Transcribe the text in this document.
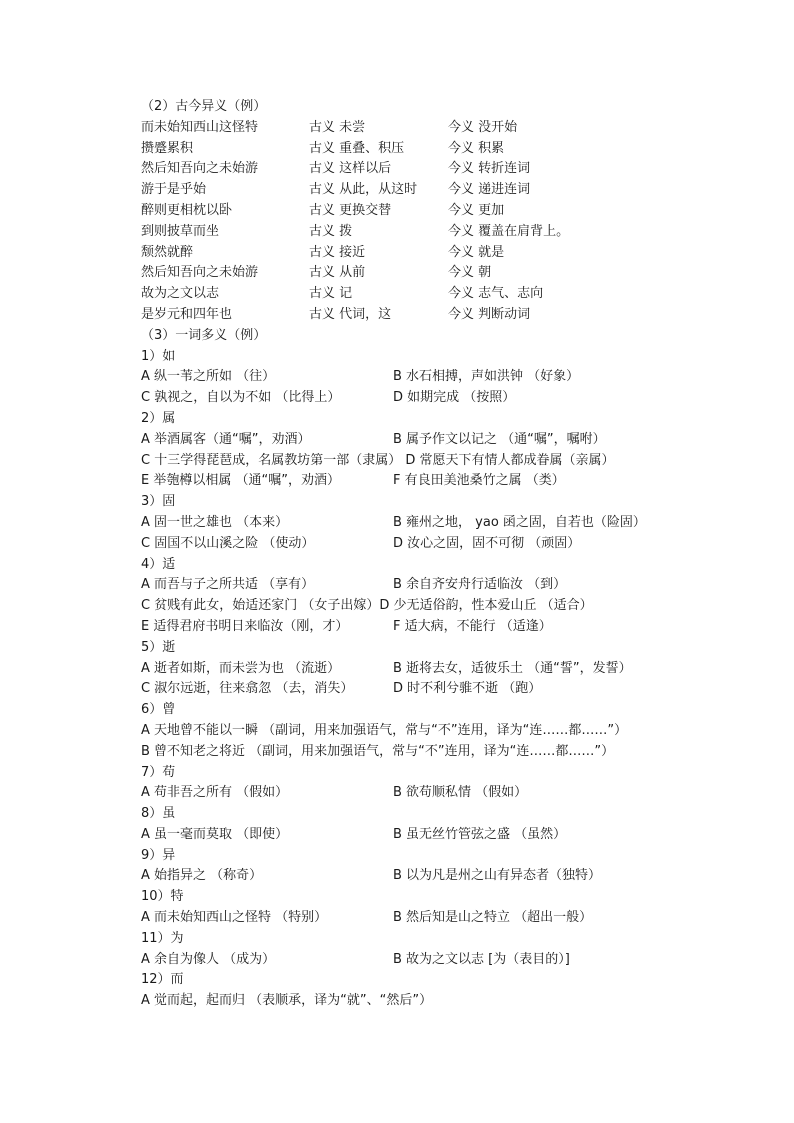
（2）古今异义（例）
而未始知西山这怪特	古义 未尝	今义 没开始
攒蹙累积	古义 重叠、积压	今义 积累
然后知吾向之未始游	古义 这样以后	今义 转折连词
游于是乎始	古义 从此，从这时 今义 递进连词
醉则更相枕以卧	古义 更换交替	今义 更加
到则披草而坐	古义 拨	今义 覆盖在肩背上。
颓然就醉	古义 接近	今义 就是
然后知吾向之未始游	古义 从前	今义 朝
故为之文以志	古义 记	今义 志气、志向
是岁元和四年也	古义 代词，这	今义 判断动词
（3）一词多义（例）
1）如
A 纵一苇之所如 （往）	B 水石相搏，声如洪钟 （好象）
C 孰视之，自以为不如 （比得上）	D 如期完成 （按照）
2）属
A 举酒属客（通“嘱”，劝酒）	B 属予作文以记之 （通“嘱”，嘱咐）
C 十三学得琵琶成，名属教坊第一部（隶属） D 常愿天下有情人都成眷属（亲属）
E 举匏樽以相属 （通“嘱”，劝酒）	F 有良田美池桑竹之属 （类）
3）固
A 固一世之雄也 （本来）	B 雍州之地， yao 函之固，自若也（险固）
C 固国不以山溪之险 （使动）	D 汝心之固，固不可彻 （顽固）
4）适
A 而吾与子之所共适 （享有）	B 余自齐安舟行适临汝 （到）
C 贫贱有此女，始适还家门 （女子出嫁）D 少无适俗韵，性本爱山丘 （适合）
E 适得君府书明日来临汝（刚，才）	F 适大病，不能行 （适逢）
5）逝
A 逝者如斯，而未尝为也 （流逝）	B 逝将去女，适彼乐土 （通“誓”，发誓）
C 淑尔远逝，往来翕忽 （去，消失）	D 时不利兮骓不逝 （跑）
6）曾
A 天地曾不能以一瞬 （副词，用来加强语气，常与“不”连用，译为“连……都……”）
B 曾不知老之将近 （副词，用来加强语气，常与“不”连用，译为“连……都……”）
7）苟
A 苟非吾之所有 （假如）	B 欲苟顺私情 （假如）
8）虽
A 虽一毫而莫取 （即使）	B 虽无丝竹管弦之盛 （虽然）
9）异
A 始指异之 （称奇）	B 以为凡是州之山有异态者（独特）
10）特
A 而未始知西山之怪特 （特别）	B 然后知是山之特立 （超出一般）
11）为
A 余自为像人 （成为）	B 故为之文以志 [为（表目的）]
12）而
A 觉而起，起而归 （表顺承，译为“就”、“然后”）
